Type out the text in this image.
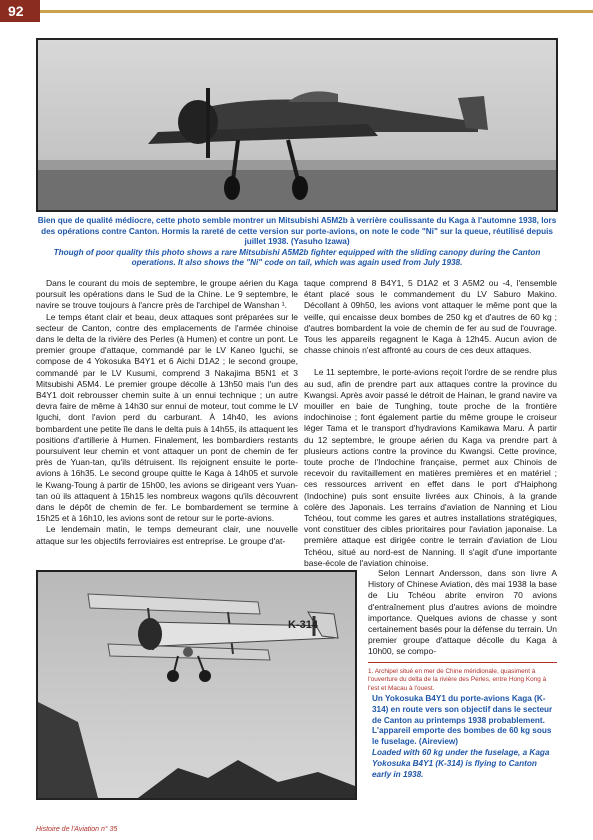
92
Bien que de qualité médiocre, cette photo semble montrer un Mitsubishi A5M2b à verrière coulissante du Kaga à l'automne 1938, lors des opérations contre Canton. Hormis la rareté de cette version sur porte-avions, on note le code "Ni" sur la queue, réutilisé depuis juillet 1938. (Yasuho Izawa)
Though of poor quality this photo shows a rare Mitsubishi A5M2b fighter equipped with the sliding canopy during the Canton operations. It also shows the "Ni" code on tail, which was again used from July 1938.

Dans le courant du mois de septembre, le groupe aérien du Kaga poursuit les opérations dans le Sud de la Chine. Le 9 septembre, le navire se trouve toujours à l'ancre près de l'archipel de Wanshan ¹.

Le temps étant clair et beau, deux attaques sont préparées sur le secteur de Canton, contre des emplacements de l'armée chinoise dans le delta de la rivière des Perles (à Humen) et contre un pont. Le premier groupe d'attaque, commandé par le LV Kaneo Iguchi, se compose de 4 Yokosuka B4Y1 et 6 Aichi D1A2 ; le second groupe, commandé par le LV Kusumi, comprend 3 Nakajima B5N1 et 3 Mitsubishi A5M4. Le premier groupe décolle à 13h50 mais l'un des B4Y1 doit rebrousser chemin suite à un ennui technique ; un autre devra faire de même à 14h30 sur ennui de moteur, tout comme le LV Iguchi, dont l'avion perd du carburant. À 14h40, les avions bombardent une petite île dans le delta puis à 14h55, ils attaquent les positions d'artillerie à Humen. Finalement, les bombardiers restants poursuivent leur chemin et vont attaquer un pont de chemin de fer près de Yuan-tan, qu'ils détruisent. Ils rejoignent ensuite le porte-avions à 16h35. Le second groupe quitte le Kaga à 14h05 et survole le Kwang-Toung à partir de 15h00, les avions se dirigeant vers Yuan-tan où ils attaquent à 15h15 les nombreux wagons qu'ils découvrent dans le dépôt de chemin de fer. Le bombardement se termine à 15h25 et à 16h10, les avions sont de retour sur le porte-avions.

Le lendemain matin, le temps demeurant clair, une nouvelle attaque sur les objectifs ferroviaires est entreprise. Le groupe d'at-

taque comprend 8 B4Y1, 5 D1A2 et 3 A5M2 ou -4, l'ensemble étant placé sous le commandement du LV Saburo Makino. Décollant à 09h50, les avions vont attaquer le même pont que la veille, qui encaisse deux bombes de 250 kg et d'autres de 60 kg ; d'autres bombardent la voie de chemin de fer au sud de l'ouvrage. Tous les appareils regagnent le Kaga à 12h45. Aucun avion de chasse chinois n'est affronté au cours de ces deux attaques.

Le 11 septembre, le porte-avions reçoit l'ordre de se rendre plus au sud, afin de prendre part aux attaques contre la province du Kwangsi. Après avoir passé le détroit de Hainan, le grand navire va mouiller en baie de Tunghing, toute proche de la frontière indochinoise ; font également partie du même groupe le croiseur léger Tama et le transport d'hydravions Kamikawa Maru. À partir du 12 septembre, le groupe aérien du Kaga va prendre part à plusieurs actions contre la province du Kwangsi. Cette province, toute proche de l'Indochine française, permet aux Chinois de recevoir du ravitaillement en matières premières et en matériel ; ces ressources arrivent en effet dans le port d'Haiphong (Indochine) puis sont ensuite livrées aux Chinois, à la grande colère des Japonais. Les terrains d'aviation de Nanning et Liou Tchéou, tout comme les gares et autres installations stratégiques, vont constituer des cibles prioritaires pour l'aviation japonaise. La première attaque est dirigée contre le terrain d'aviation de Liou Tchéou, situé au nord-est de Nanning. Il s'agit d'une importante base-école de l'aviation chinoise.

K-314

Selon Lennart Andersson, dans son livre A History of Chinese Aviation, dès mai 1938 la base de Liu Tchéou abrite environ 70 avions d'entraînement plus d'autres avions de moindre importance. Quelques avions de chasse y sont certainement basés pour la défense du terrain. Un premier groupe d'attaque décolle du Kaga à 10h00, se compo-

1. Archipel situé en mer de Chine méridionale, quasiment à l'ouverture du delta de la rivière des Perles, entre Hong Kong à l'est et Macau à l'ouest.
Un Yokosuka B4Y1 du porte-avions Kaga (K-314) en route vers son objectif dans le secteur de Canton au printemps 1938 probablement. L'appareil emporte des bombes de 60 kg sous le fuselage. (Aireview)
Loaded with 60 kg under the fuselage, a Kaga Yokosuka B4Y1 (K-314) is flying to Canton early in 1938.
Histoire de l'Aviation n° 35
